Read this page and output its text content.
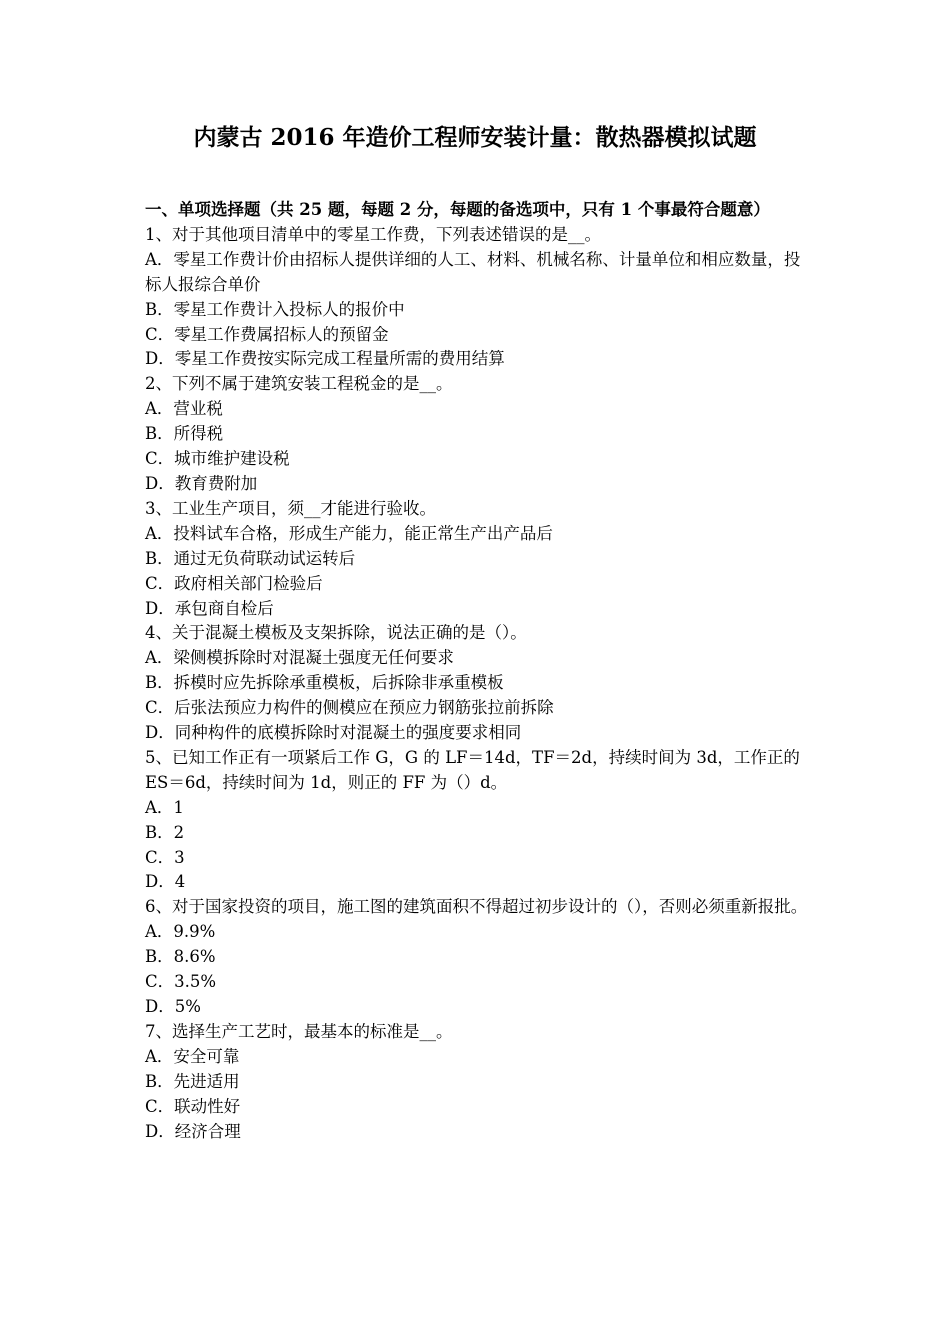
内蒙古 2016 年造价工程师安装计量：散热器模拟试题
一、单项选择题（共 25 题，每题 2 分，每题的备选项中，只有 1 个事最符合题意）
1、对于其他项目清单中的零星工作费，下列表述错误的是__。
A．零星工作费计价由招标人提供详细的人工、材料、机械名称、计量单位和相应数量，投标人报综合单价
B．零星工作费计入投标人的报价中
C．零星工作费属招标人的预留金
D．零星工作费按实际完成工程量所需的费用结算
2、下列不属于建筑安装工程税金的是__。
A．营业税
B．所得税
C．城市维护建设税
D．教育费附加
3、工业生产项目，须__才能进行验收。
A．投料试车合格，形成生产能力，能正常生产出产品后
B．通过无负荷联动试运转后
C．政府相关部门检验后
D．承包商自检后
4、关于混凝土模板及支架拆除，说法正确的是（）。
A．梁侧模拆除时对混凝土强度无任何要求
B．拆模时应先拆除承重模板，后拆除非承重模板
C．后张法预应力构件的侧模应在预应力钢筋张拉前拆除
D．同种构件的底模拆除时对混凝土的强度要求相同
5、已知工作正有一项紧后工作 G，G 的 LF＝14d，TF＝2d，持续时间为 3d，工作正的 ES＝6d，持续时间为 1d，则正的 FF 为（）d。
A．1
B．2
C．3
D．4
6、对于国家投资的项目，施工图的建筑面积不得超过初步设计的（），否则必须重新报批。
A．9.9%
B．8.6%
C．3.5%
D．5%
7、选择生产工艺时，最基本的标准是__。
A．安全可靠
B．先进适用
C．联动性好
D．经济合理
